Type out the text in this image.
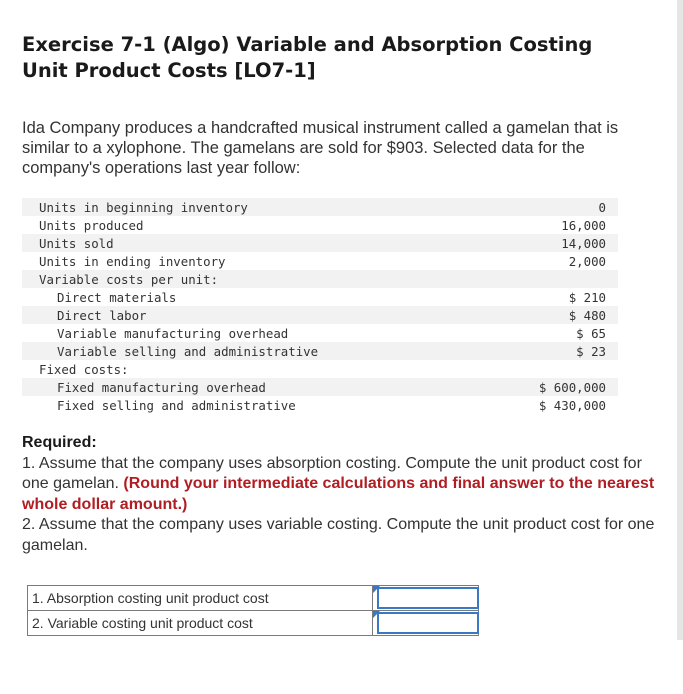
Exercise 7-1 (Algo) Variable and Absorption Costing Unit Product Costs [LO7-1]

Ida Company produces a handcrafted musical instrument called a gamelan that is similar to a xylophone. The gamelans are sold for $903. Selected data for the company's operations last year follow:

Units in beginning inventory	0
Units produced	16,000
Units sold	14,000
Units in ending inventory	2,000
Variable costs per unit:
Direct materials	$ 210
Direct labor	$ 480
Variable manufacturing overhead	$ 65
Variable selling and administrative	$ 23
Fixed costs:
Fixed manufacturing overhead	$ 600,000
Fixed selling and administrative	$ 430,000
Required:
1. Assume that the company uses absorption costing. Compute the unit product cost for one gamelan. (Round your intermediate calculations and final answer to the nearest whole dollar amount.)
2. Assume that the company uses variable costing. Compute the unit product cost for one gamelan.
1. Absorption costing unit product cost	

2. Variable costing unit product cost	
